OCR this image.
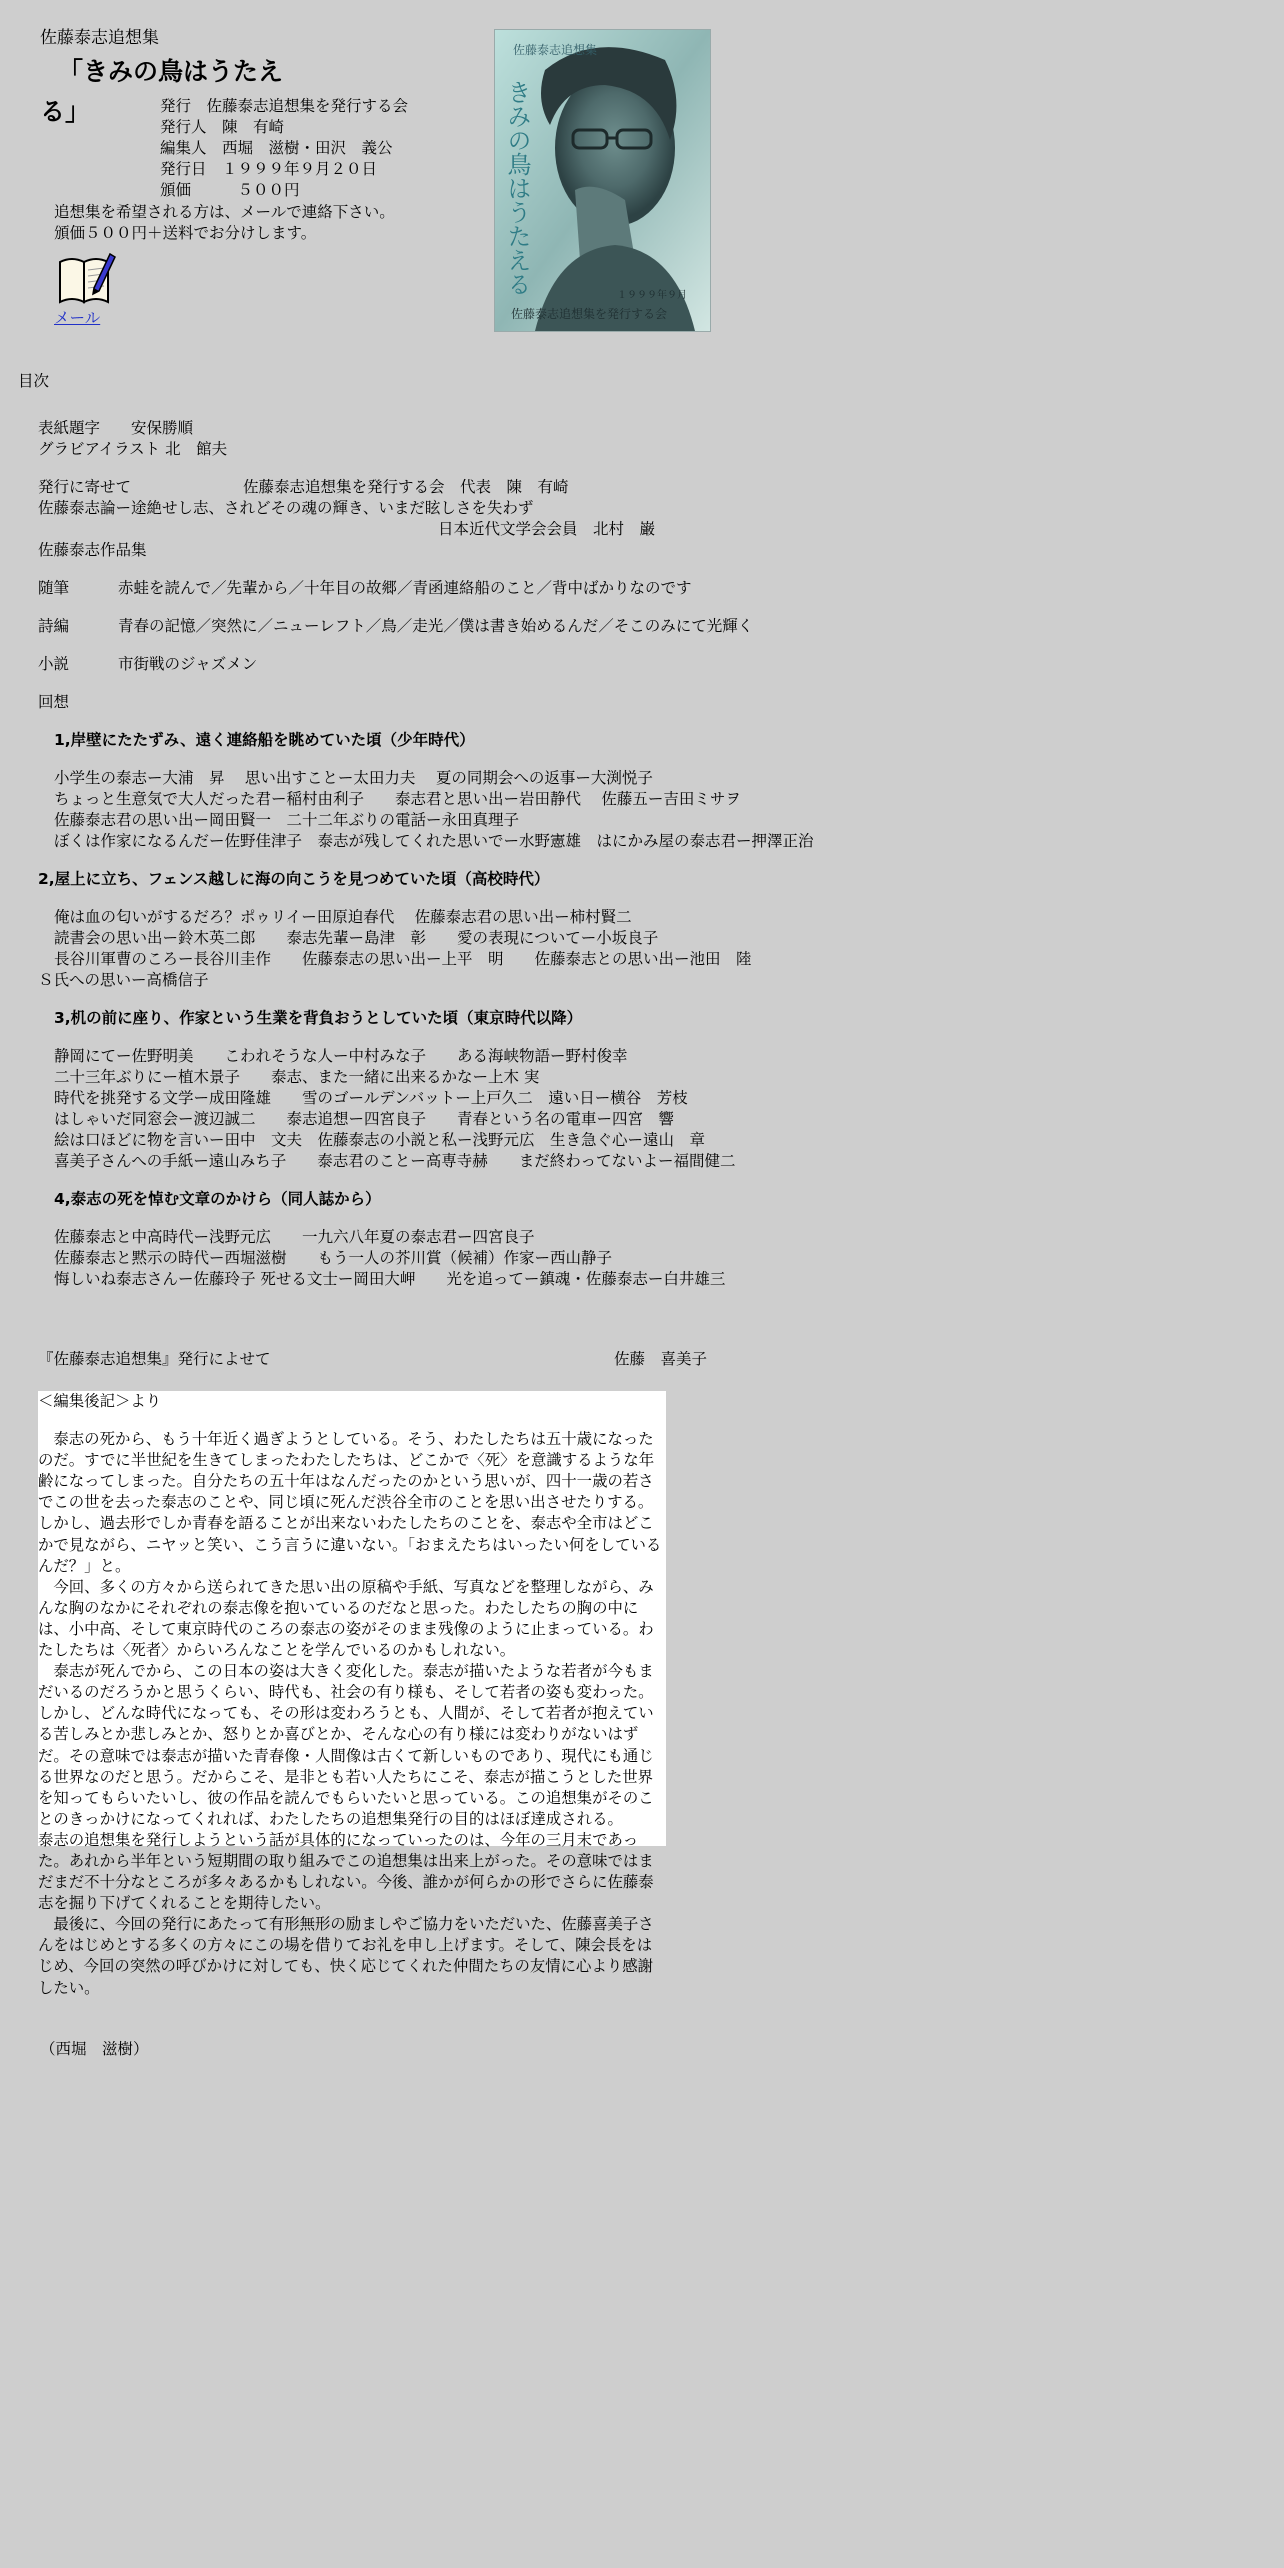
佐藤泰志追想集
「きみの鳥はうたえる」	発行　佐藤泰志追想集を発行する会
発行人　陳　有崎
編集人　西堀　滋樹・田沢　義公
発行日　１９９９年９月２０日
頒価　　　５００円
追想集を希望される方は、メールで連絡下さい。
頒価５００円＋送料でお分けします。
メール
佐藤泰志追想集
きみの鳥はうたえる	１９９９年９月
佐藤泰志追想集を発行する会
目次
表紙題字　　安保勝順
グラビアイラスト 北　館夫
発行に寄せて	佐藤泰志追想集を発行する会　代表　陳　有崎
佐藤泰志論ー途絶せし志、されどその魂の輝き、いまだ眩しさを失わず
日本近代文学会会員　北村　巌
佐藤泰志作品集
随筆	赤蛙を読んで／先輩から／十年目の故郷／青函連絡船のこと／背中ばかりなのです
詩編	青春の記憶／突然に／ニューレフト／鳥／走光／僕は書き始めるんだ／そこのみにて光輝く
小説	市街戦のジャズメン
回想
1,岸壁にたたずみ、遠く連絡船を眺めていた頃（少年時代）
小学生の泰志ー大浦　昇　 思い出すことー太田力夫　 夏の同期会への返事ー大渕悦子
ちょっと生意気で大人だった君ー稲村由利子　　泰志君と思い出ー岩田静代　 佐藤五ー吉田ミサヲ
佐藤泰志君の思い出ー岡田賢一　二十二年ぶりの電話ー永田真理子
ぼくは作家になるんだー佐野佳津子　泰志が残してくれた思いでー水野憲雄　はにかみ屋の泰志君ー押澤正治
2,屋上に立ち、フェンス越しに海の向こうを見つめていた頃（高校時代）
俺は血の匂いがするだろ？ポゥリイー田原迫春代　 佐藤泰志君の思い出ー柿村賢二
読書会の思い出ー鈴木英二郎　　泰志先輩ー島津　彰　　愛の表現についてー小坂良子
長谷川軍曹のころー長谷川圭作　　佐藤泰志の思い出ー上平　明　　佐藤泰志との思い出ー池田　陸
Ｓ氏への思いー高橋信子
3,机の前に座り、作家という生業を背負おうとしていた頃（東京時代以降）
静岡にてー佐野明美　　こわれそうな人ー中村みな子　　ある海峡物語ー野村俊幸
二十三年ぶりにー植木景子　　泰志、また一緒に出来るかなー上木 実
時代を挑発する文学ー成田隆雄　　雪のゴールデンバットー上戸久二　遠い日ー横谷　芳枝
はしゃいだ同窓会ー渡辺誠二　　泰志追想ー四宮良子　　青春という名の電車ー四宮　響
絵は口ほどに物を言いー田中　文夫　佐藤泰志の小説と私ー浅野元広　生き急ぐ心ー遠山　章
喜美子さんへの手紙ー遠山みち子　　泰志君のことー高専寺赫　　まだ終わってないよー福間健二
4,泰志の死を悼む文章のかけら（同人誌から）
佐藤泰志と中高時代ー浅野元広　　一九六八年夏の泰志君ー四宮良子
佐藤泰志と黙示の時代ー西堀滋樹　　もう一人の芥川賞（候補）作家ー西山静子
悔しいね泰志さんー佐藤玲子 死せる文士ー岡田大岬　　光を追ってー鎮魂・佐藤泰志ー白井雄三
『佐藤泰志追想集』発行によせて	佐藤　喜美子

＜編集後記＞より

　泰志の死から、もう十年近く過ぎようとしている。そう、わたしたちは五十歳になったのだ。すでに半世紀を生きてしまったわたしたちは、どこかで〈死〉を意識するような年齢になってしまった。自分たちの五十年はなんだったのかという思いが、四十一歳の若さでこの世を去った泰志のことや、同じ頃に死んだ渋谷全市のことを思い出させたりする。しかし、過去形でしか青春を語ることが出来ないわたしたちのことを、泰志や全市はどこかで見ながら、ニヤッと笑い、こう言うに違いない。「おまえたちはいったい何をしているんだ？」と。

　今回、多くの方々から送られてきた思い出の原稿や手紙、写真などを整理しながら、みんな胸のなかにそれぞれの泰志像を抱いているのだなと思った。わたしたちの胸の中には、小中高、そして東京時代のころの泰志の姿がそのまま残像のように止まっている。わたしたちは〈死者〉からいろんなことを学んでいるのかもしれない。

　泰志が死んでから、この日本の姿は大きく変化した。泰志が描いたような若者が今もまだいるのだろうかと思うくらい、時代も、社会の有り様も、そして若者の姿も変わった。しかし、どんな時代になっても、その形は変わろうとも、人間が、そして若者が抱えている苦しみとか悲しみとか、怒りとか喜びとか、そんな心の有り様には変わりがないはずだ。その意味では泰志が描いた青春像・人間像は古くて新しいものであり、現代にも通じる世界なのだと思う。だからこそ、是非とも若い人たちにこそ、泰志が描こうとした世界を知ってもらいたいし、彼の作品を読んでもらいたいと思っている。この追想集がそのことのきっかけになってくれれば、わたしたちの追想集発行の目的はほぼ達成される。

泰志の追想集を発行しようという話が具体的になっていったのは、今年の三月末であった。あれから半年という短期間の取り組みでこの追想集は出来上がった。その意味ではまだまだ不十分なところが多々あるかもしれない。今後、誰かが何らかの形でさらに佐藤泰志を掘り下げてくれることを期待したい。

　最後に、今回の発行にあたって有形無形の励ましやご協力をいただいた、佐藤喜美子さんをはじめとする多くの方々にこの場を借りてお礼を申し上げます。そして、陳会長をはじめ、今回の突然の呼びかけに対しても、快く応じてくれた仲間たちの友情に心より感謝したい。

（西堀　滋樹）
